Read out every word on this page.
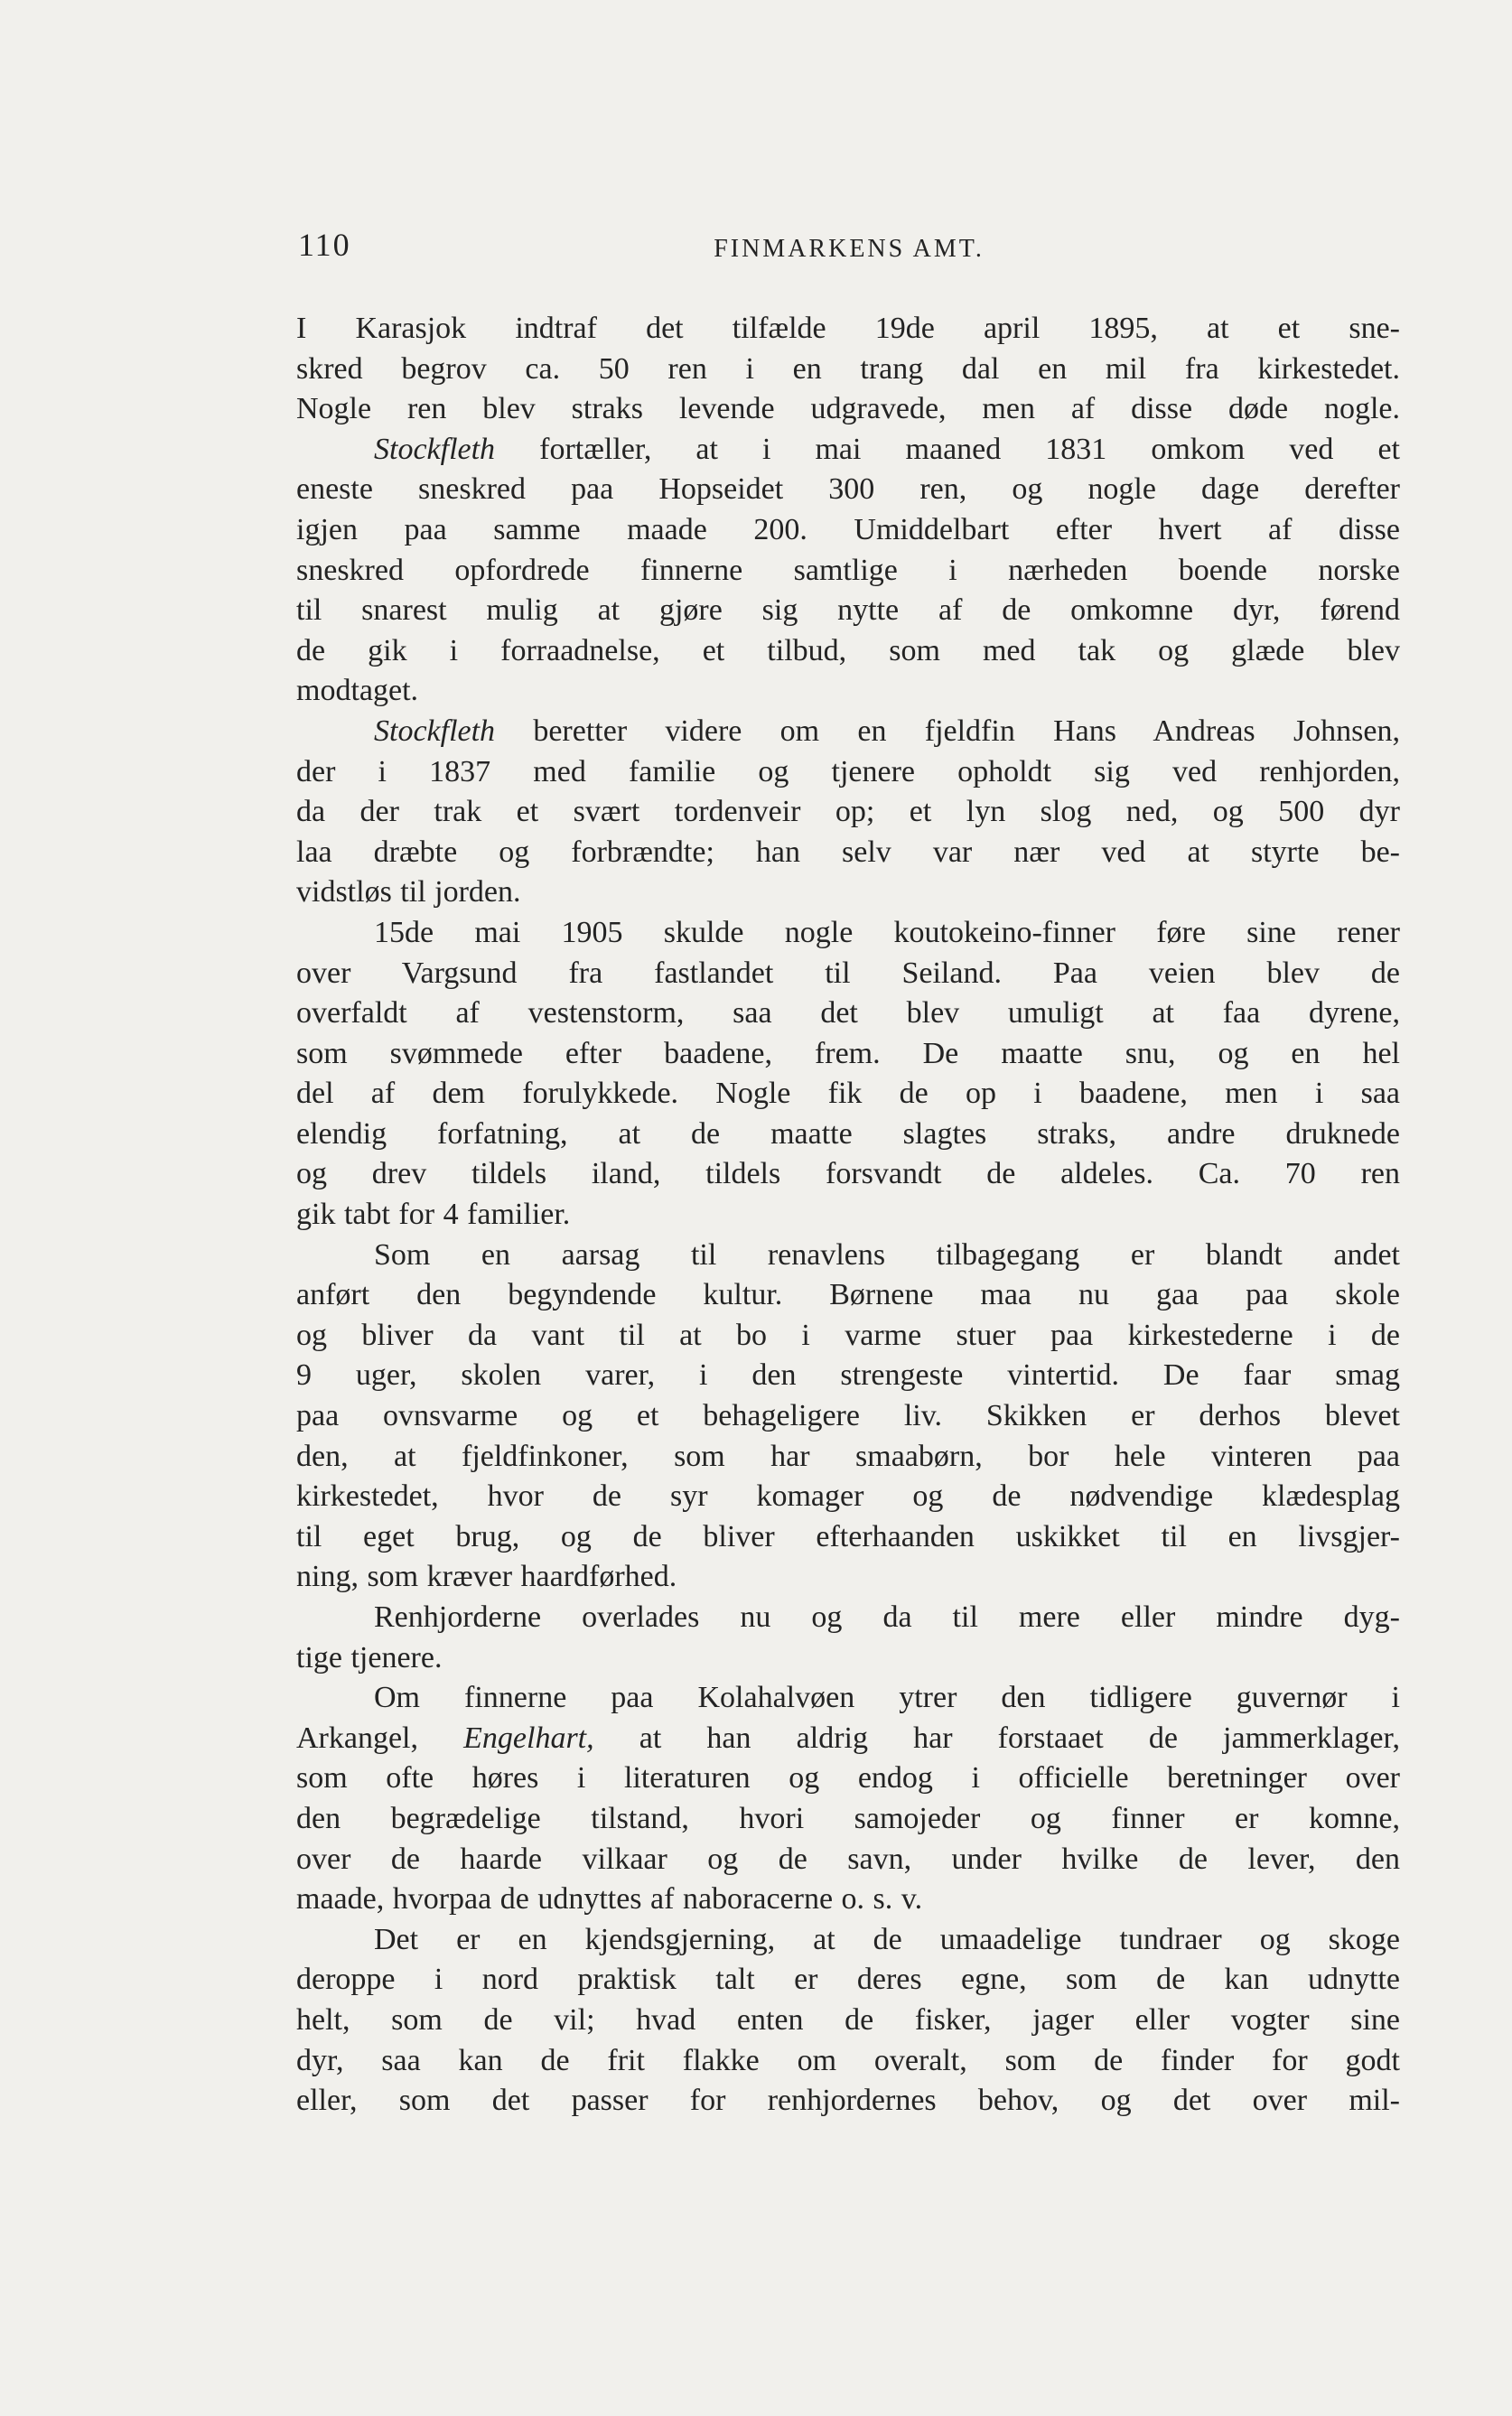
110	FINMARKENS AMT.
I Karasjok indtraf det tilfælde 19de april 1895, at et sne-
skred begrov ca. 50 ren i en trang dal en mil fra kirkestedet.
Nogle ren blev straks levende udgravede, men af disse døde nogle.
Stockfleth fortæller, at i mai maaned 1831 omkom ved et
eneste sneskred paa Hopseidet 300 ren, og nogle dage derefter
igjen paa samme maade 200. Umiddelbart efter hvert af disse
sneskred opfordrede finnerne samtlige i nærheden boende norske
til snarest mulig at gjøre sig nytte af de omkomne dyr, førend
de gik i forraadnelse, et tilbud, som med tak og glæde blev
modtaget.
Stockfleth beretter videre om en fjeldfin Hans Andreas Johnsen,
der i 1837 med familie og tjenere opholdt sig ved renhjorden,
da der trak et svært tordenveir op; et lyn slog ned, og 500 dyr
laa dræbte og forbrændte; han selv var nær ved at styrte be-
vidstløs til jorden.
15de mai 1905 skulde nogle koutokeino-finner føre sine rener
over Vargsund fra fastlandet til Seiland. Paa veien blev de
overfaldt af vestenstorm, saa det blev umuligt at faa dyrene,
som svømmede efter baadene, frem. De maatte snu, og en hel
del af dem forulykkede. Nogle fik de op i baadene, men i saa
elendig forfatning, at de maatte slagtes straks, andre druknede
og drev tildels iland, tildels forsvandt de aldeles. Ca. 70 ren
gik tabt for 4 familier.
Som en aarsag til renavlens tilbagegang er blandt andet
anført den begyndende kultur. Børnene maa nu gaa paa skole
og bliver da vant til at bo i varme stuer paa kirkestederne i de
9 uger, skolen varer, i den strengeste vintertid. De faar smag
paa ovnsvarme og et behageligere liv. Skikken er derhos blevet
den, at fjeldfinkoner, som har smaabørn, bor hele vinteren paa
kirkestedet, hvor de syr komager og de nødvendige klædesplag
til eget brug, og de bliver efterhaanden uskikket til en livsgjer-
ning, som kræver haardførhed.
Renhjorderne overlades nu og da til mere eller mindre dyg-
tige tjenere.
Om finnerne paa Kolahalvøen ytrer den tidligere guvernør i
Arkangel, Engelhart, at han aldrig har forstaaet de jammerklager,
som ofte høres i literaturen og endog i officielle beretninger over
den begrædelige tilstand, hvori samojeder og finner er komne,
over de haarde vilkaar og de savn, under hvilke de lever, den
maade, hvorpaa de udnyttes af naboracerne o. s. v.
Det er en kjendsgjerning, at de umaadelige tundraer og skoge
deroppe i nord praktisk talt er deres egne, som de kan udnytte
helt, som de vil; hvad enten de fisker, jager eller vogter sine
dyr, saa kan de frit flakke om overalt, som de finder for godt
eller, som det passer for renhjordernes behov, og det over mil-
